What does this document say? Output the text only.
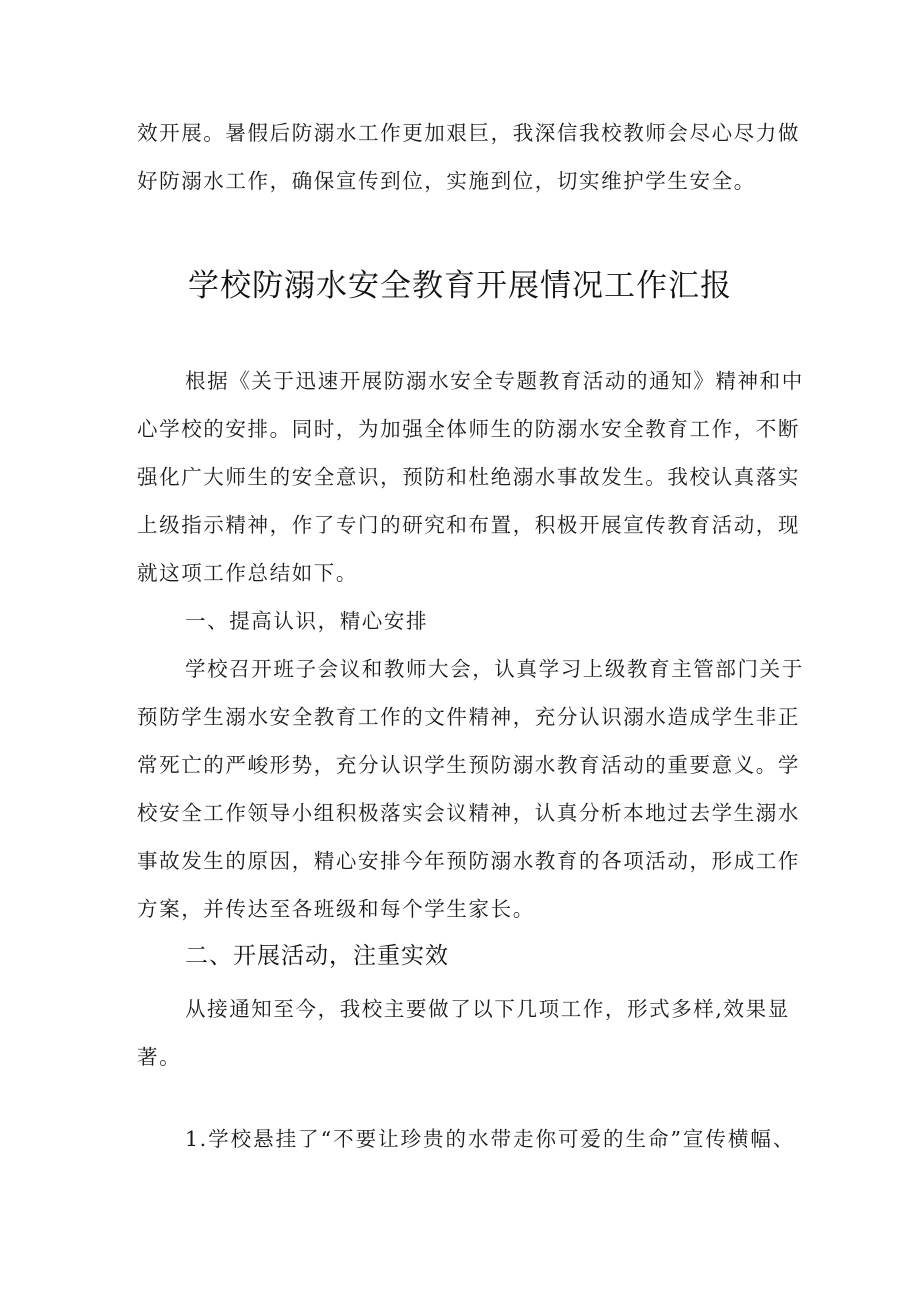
效开展。暑假后防溺水工作更加艰巨，我深信我校教师会尽心尽力做
好防溺水工作，确保宣传到位，实施到位，切实维护学生安全。
学校防溺水安全教育开展情况工作汇报
根据《关于迅速开展防溺水安全专题教育活动的通知》精神和中
心学校的安排。同时，为加强全体师生的防溺水安全教育工作，不断
强化广大师生的安全意识，预防和杜绝溺水事故发生。我校认真落实
上级指示精神，作了专门的研究和布置，积极开展宣传教育活动，现
就这项工作总结如下。
一、提高认识，精心安排
学校召开班子会议和教师大会，认真学习上级教育主管部门关于
预防学生溺水安全教育工作的文件精神，充分认识溺水造成学生非正
常死亡的严峻形势，充分认识学生预防溺水教育活动的重要意义。学
校安全工作领导小组积极落实会议精神，认真分析本地过去学生溺水
事故发生的原因，精心安排今年预防溺水教育的各项活动，形成工作
方案，并传达至各班级和每个学生家长。
二、开展活动，注重实效
从接通知至今，我校主要做了以下几项工作，形式多样,效果显
著。
1.学校悬挂了“不要让珍贵的水带走你可爱的生命”宣传横幅、
